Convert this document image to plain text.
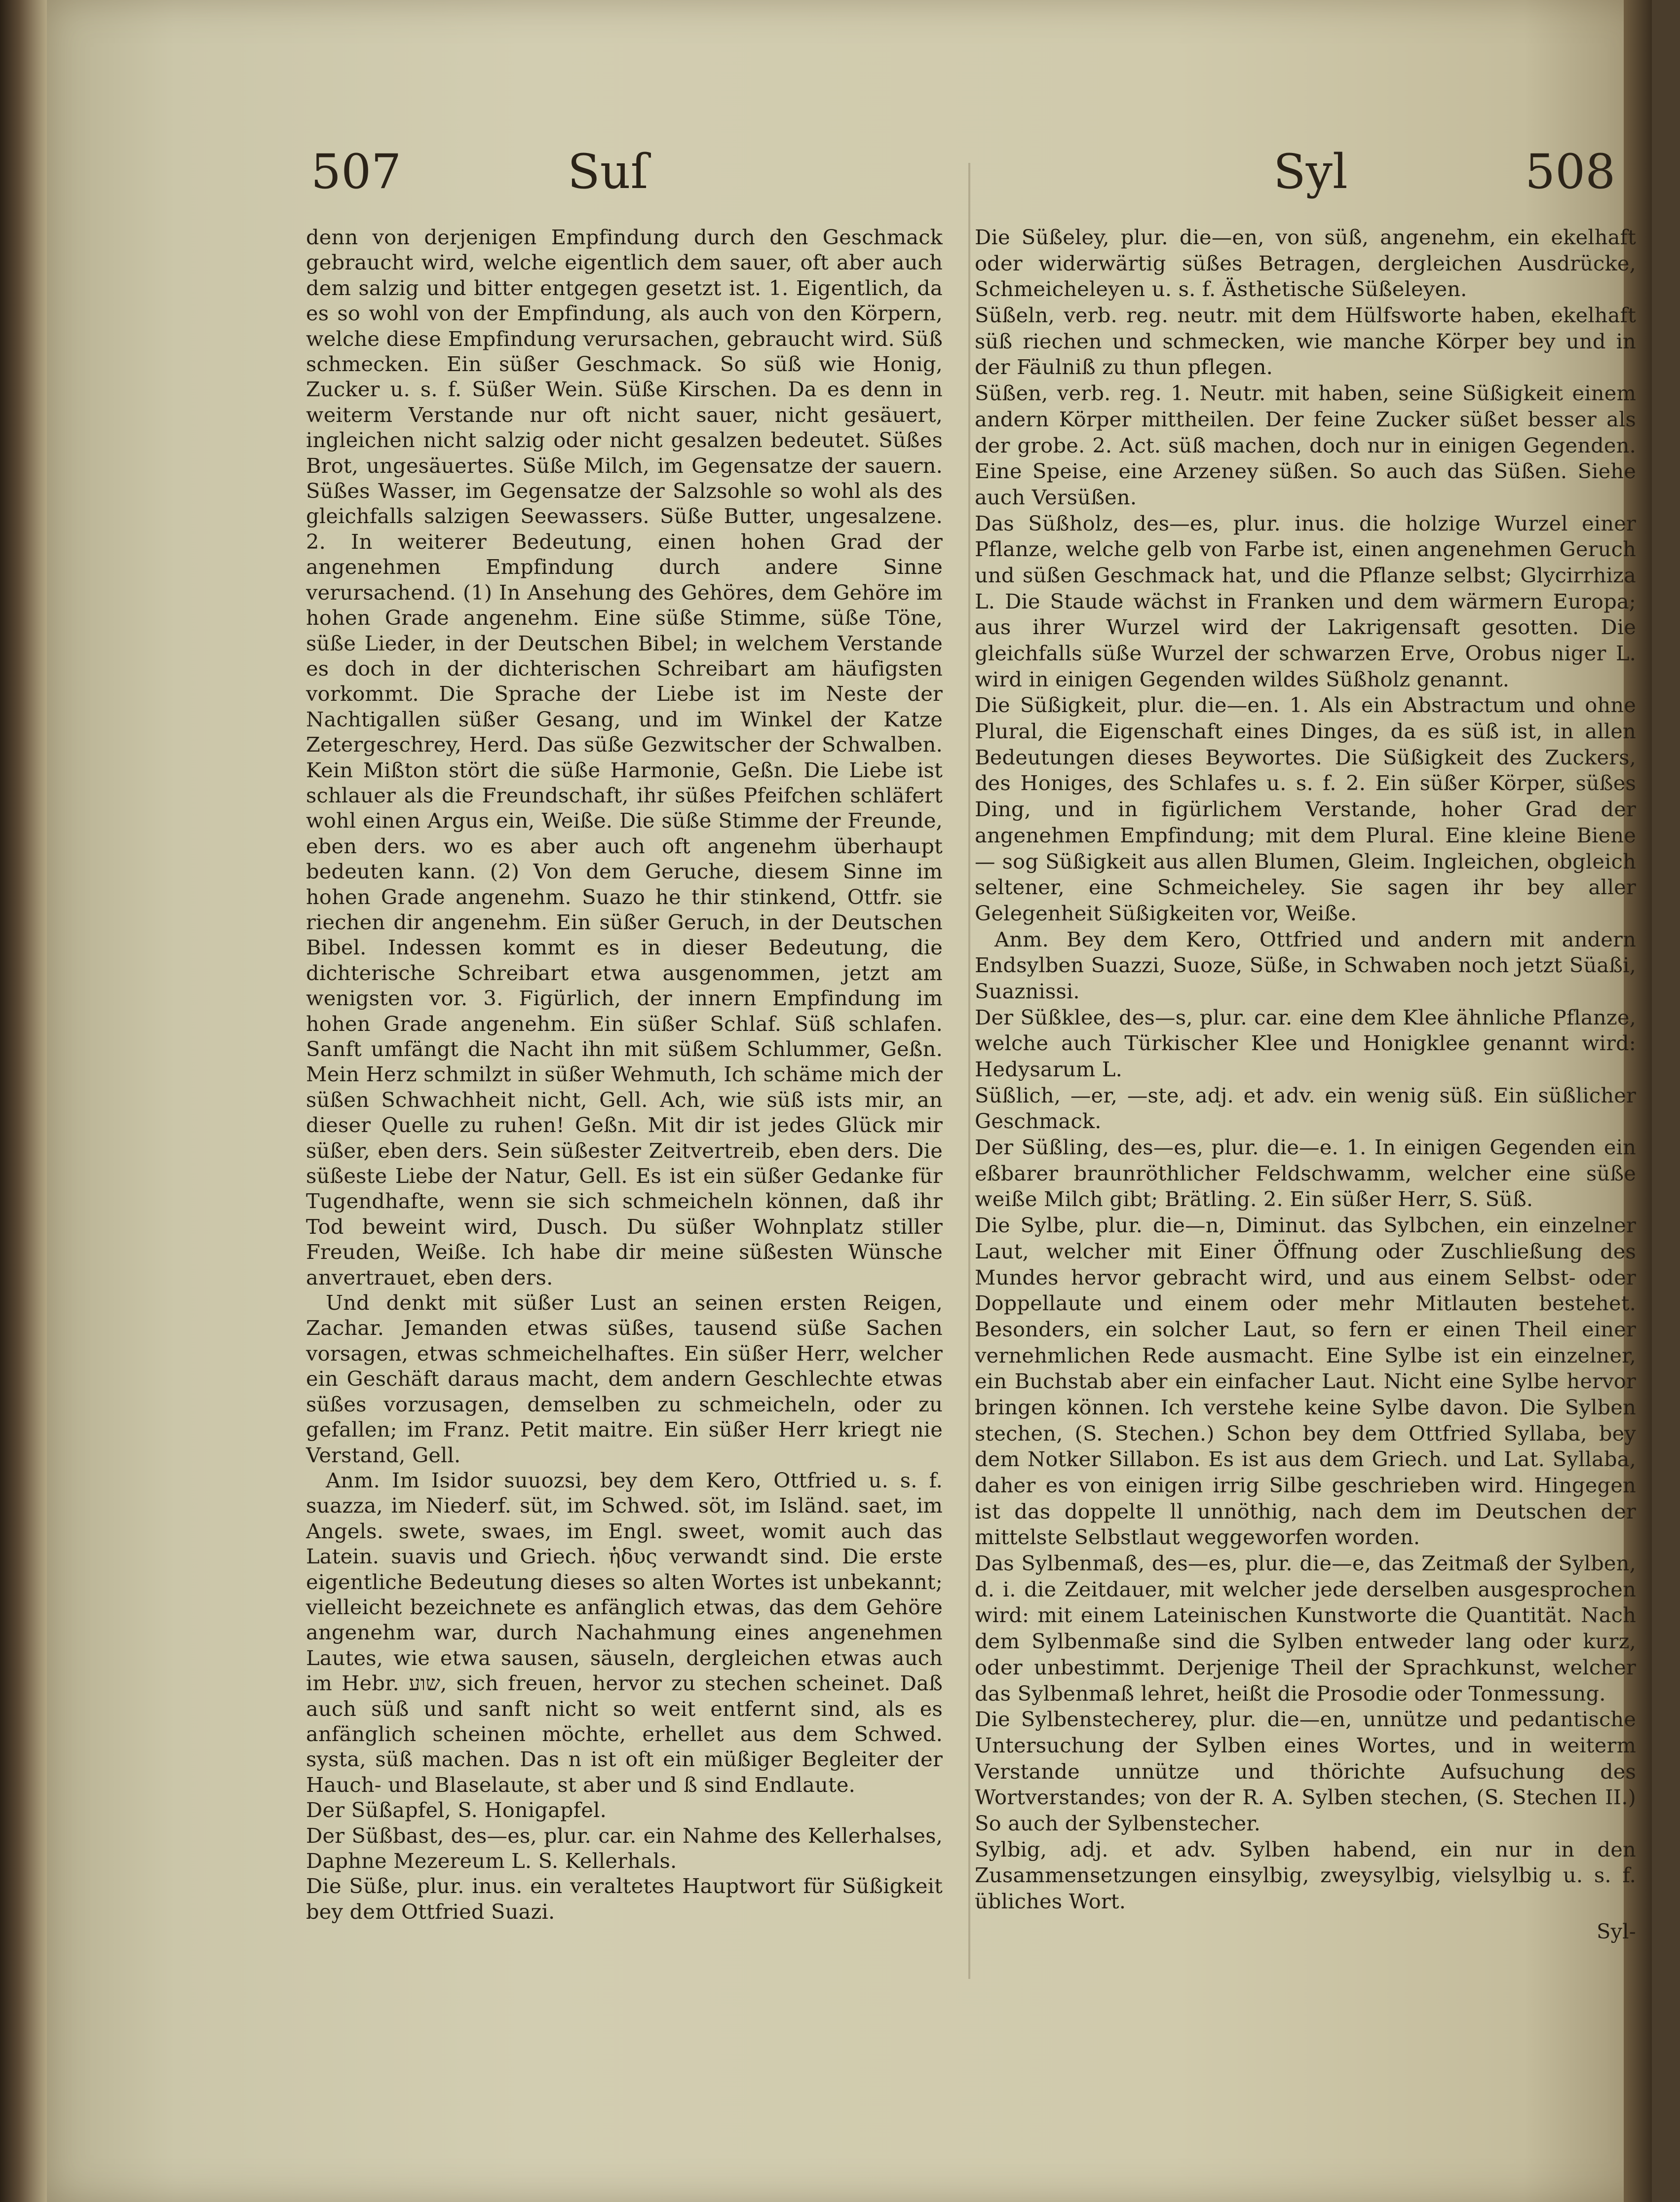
507	Suſ	Syl	508

denn von derjenigen Empfindung durch den Geschmack gebraucht wird, welche eigentlich dem sauer, oft aber auch dem salzig und bitter entgegen gesetzt ist. 1. Eigentlich, da es so wohl von der Empfindung, als auch von den Körpern, welche diese Empfindung verursachen, gebraucht wird. Süß schmecken. Ein süßer Geschmack. So süß wie Honig, Zucker u. s. f. Süßer Wein. Süße Kirschen. Da es denn in weiterm Verstande nur oft nicht sauer, nicht gesäuert, ingleichen nicht salzig oder nicht gesalzen bedeutet. Süßes Brot, ungesäuertes. Süße Milch, im Gegensatze der sauern. Süßes Wasser, im Gegensatze der Salzsohle so wohl als des gleichfalls salzigen Seewassers. Süße Butter, ungesalzene. 2. In weiterer Bedeutung, einen hohen Grad der angenehmen Empfindung durch andere Sinne verursachend. (1) In Ansehung des Gehöres, dem Gehöre im hohen Grade angenehm. Eine süße Stimme, süße Töne, süße Lieder, in der Deutschen Bibel; in welchem Verstande es doch in der dichterischen Schreibart am häufigsten vorkommt. Die Sprache der Liebe ist im Neste der Nachtigallen süßer Gesang, und im Winkel der Katze Zetergeschrey, Herd. Das süße Gezwitscher der Schwalben. Kein Mißton stört die süße Harmonie, Geßn. Die Liebe ist schlauer als die Freundschaft, ihr süßes Pfeifchen schläfert wohl einen Argus ein, Weiße. Die süße Stimme der Freunde, eben ders. wo es aber auch oft angenehm überhaupt bedeuten kann. (2) Von dem Geruche, diesem Sinne im hohen Grade angenehm. Suazo he thir stinkend, Ottfr. sie riechen dir angenehm. Ein süßer Geruch, in der Deutschen Bibel. Indessen kommt es in dieser Bedeutung, die dichterische Schreibart etwa ausgenommen, jetzt am wenigsten vor. 3. Figürlich, der innern Empfindung im hohen Grade angenehm. Ein süßer Schlaf. Süß schlafen. Sanft umfängt die Nacht ihn mit süßem Schlummer, Geßn. Mein Herz schmilzt in süßer Wehmuth, Ich schäme mich der süßen Schwachheit nicht, Gell. Ach, wie süß ists mir, an dieser Quelle zu ruhen! Geßn. Mit dir ist jedes Glück mir süßer, eben ders. Sein süßester Zeitvertreib, eben ders. Die süßeste Liebe der Natur, Gell. Es ist ein süßer Gedanke für Tugendhafte, wenn sie sich schmeicheln können, daß ihr Tod beweint wird, Dusch. Du süßer Wohnplatz stiller Freuden, Weiße. Ich habe dir meine süßesten Wünsche anvertrauet, eben ders.

Und denkt mit süßer Lust an seinen ersten Reigen, Zachar. Jemanden etwas süßes, tausend süße Sachen vorsagen, etwas schmeichelhaftes. Ein süßer Herr, welcher ein Geschäft daraus macht, dem andern Geschlechte etwas süßes vorzusagen, demselben zu schmeicheln, oder zu gefallen; im Franz. Petit maitre. Ein süßer Herr kriegt nie Verstand, Gell.

Anm. Im Isidor suuozsi, bey dem Kero, Ottfried u. s. f. suazza, im Niederf. süt, im Schwed. söt, im Isländ. saet, im Angels. swete, swaes, im Engl. sweet, womit auch das Latein. suavis und Griech. ἡδυς verwandt sind. Die erste eigentliche Bedeutung dieses so alten Wortes ist unbekannt; vielleicht bezeichnete es anfänglich etwas, das dem Gehöre angenehm war, durch Nachahmung eines angenehmen Lautes, wie etwa sausen, säuseln, dergleichen etwas auch im Hebr. שוע, sich freuen, hervor zu stechen scheinet. Daß auch süß und sanft nicht so weit entfernt sind, als es anfänglich scheinen möchte, erhellet aus dem Schwed. systa, süß machen. Das n ist oft ein müßiger Begleiter der Hauch- und Blaselaute, st aber und ß sind Endlaute.

Der Süßapfel, S. Honigapfel.

Der Süßbast, des—es, plur. car. ein Nahme des Kellerhalses, Daphne Mezereum L. S. Kellerhals.

Die Süße, plur. inus. ein veraltetes Hauptwort für Süßigkeit bey dem Ottfried Suazi.

Die Süßeley, plur. die—en, von süß, angenehm, ein ekelhaft oder widerwärtig süßes Betragen, dergleichen Ausdrücke, Schmeicheleyen u. s. f. Ästhetische Süßeleyen.

Süßeln, verb. reg. neutr. mit dem Hülfsworte haben, ekelhaft süß riechen und schmecken, wie manche Körper bey und in der Fäulniß zu thun pflegen.

Süßen, verb. reg. 1. Neutr. mit haben, seine Süßigkeit einem andern Körper mittheilen. Der feine Zucker süßet besser als der grobe. 2. Act. süß machen, doch nur in einigen Gegenden. Eine Speise, eine Arzeney süßen. So auch das Süßen. Siehe auch Versüßen.

Das Süßholz, des—es, plur. inus. die holzige Wurzel einer Pflanze, welche gelb von Farbe ist, einen angenehmen Geruch und süßen Geschmack hat, und die Pflanze selbst; Glycirrhiza L. Die Staude wächst in Franken und dem wärmern Europa; aus ihrer Wurzel wird der Lakrigensaft gesotten. Die gleichfalls süße Wurzel der schwarzen Erve, Orobus niger L. wird in einigen Gegenden wildes Süßholz genannt.

Die Süßigkeit, plur. die—en. 1. Als ein Abstractum und ohne Plural, die Eigenschaft eines Dinges, da es süß ist, in allen Bedeutungen dieses Beywortes. Die Süßigkeit des Zuckers, des Honiges, des Schlafes u. s. f. 2. Ein süßer Körper, süßes Ding, und in figürlichem Verstande, hoher Grad der angenehmen Empfindung; mit dem Plural. Eine kleine Biene — sog Süßigkeit aus allen Blumen, Gleim. Ingleichen, obgleich seltener, eine Schmeicheley. Sie sagen ihr bey aller Gelegenheit Süßigkeiten vor, Weiße.

Anm. Bey dem Kero, Ottfried und andern mit andern Endsylben Suazzi, Suoze, Süße, in Schwaben noch jetzt Süaßi, Suaznissi.

Der Süßklee, des—s, plur. car. eine dem Klee ähnliche Pflanze, welche auch Türkischer Klee und Honigklee genannt wird: Hedysarum L.

Süßlich, —er, —ste, adj. et adv. ein wenig süß. Ein süßlicher Geschmack.

Der Süßling, des—es, plur. die—e. 1. In einigen Gegenden ein eßbarer braunröthlicher Feldschwamm, welcher eine süße weiße Milch gibt; Brätling. 2. Ein süßer Herr, S. Süß.

Die Sylbe, plur. die—n, Diminut. das Sylbchen, ein einzelner Laut, welcher mit Einer Öffnung oder Zuschließung des Mundes hervor gebracht wird, und aus einem Selbst- oder Doppellaute und einem oder mehr Mitlauten bestehet. Besonders, ein solcher Laut, so fern er einen Theil einer vernehmlichen Rede ausmacht. Eine Sylbe ist ein einzelner, ein Buchstab aber ein einfacher Laut. Nicht eine Sylbe hervor bringen können. Ich verstehe keine Sylbe davon. Die Sylben stechen, (S. Stechen.) Schon bey dem Ottfried Syllaba, bey dem Notker Sillabon. Es ist aus dem Griech. und Lat. Syllaba, daher es von einigen irrig Silbe geschrieben wird. Hingegen ist das doppelte ll unnöthig, nach dem im Deutschen der mittelste Selbstlaut weggeworfen worden.

Das Sylbenmaß, des—es, plur. die—e, das Zeitmaß der Sylben, d. i. die Zeitdauer, mit welcher jede derselben ausgesprochen wird: mit einem Lateinischen Kunstworte die Quantität. Nach dem Sylbenmaße sind die Sylben entweder lang oder kurz, oder unbestimmt. Derjenige Theil der Sprachkunst, welcher das Sylbenmaß lehret, heißt die Prosodie oder Tonmessung.

Die Sylbenstecherey, plur. die—en, unnütze und pedantische Untersuchung der Sylben eines Wortes, und in weiterm Verstande unnütze und thörichte Aufsuchung des Wortverstandes; von der R. A. Sylben stechen, (S. Stechen II.) So auch der Sylbenstecher.

Sylbig, adj. et adv. Sylben habend, ein nur in den Zusammensetzungen einsylbig, zweysylbig, vielsylbig u. s. f. übliches Wort.

Syl-
